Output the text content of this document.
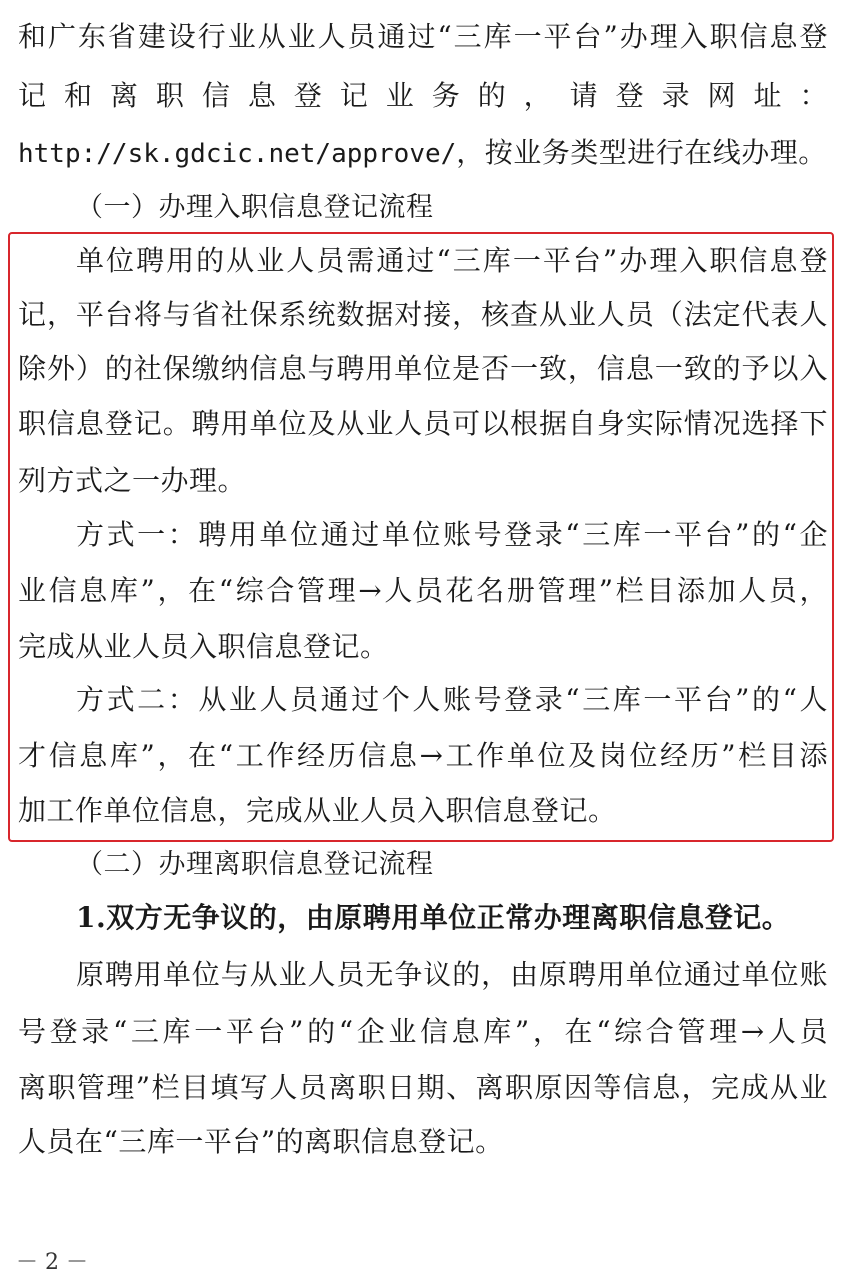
和广东省建设行业从业人员通过“三库一平台”办理入职信息登
记 和 离 职 信 息 登 记 业 务 的 ， 请 登 录 网 址 ：
http://sk.gdcic.net/approve/，按业务类型进行在线办理。
（一）办理入职信息登记流程
单位聘用的从业人员需通过“三库一平台”办理入职信息登
记，平台将与省社保系统数据对接，核查从业人员（法定代表人
除外）的社保缴纳信息与聘用单位是否一致，信息一致的予以入
职信息登记。聘用单位及从业人员可以根据自身实际情况选择下
列方式之一办理。
方式一：聘用单位通过单位账号登录“三库一平台”的“企
业信息库”，在“综合管理→人员花名册管理”栏目添加人员，
完成从业人员入职信息登记。
方式二：从业人员通过个人账号登录“三库一平台”的“人
才信息库”，在“工作经历信息→工作单位及岗位经历”栏目添
加工作单位信息，完成从业人员入职信息登记。
（二）办理离职信息登记流程
1.双方无争议的，由原聘用单位正常办理离职信息登记。
原聘用单位与从业人员无争议的，由原聘用单位通过单位账
号登录“三库一平台”的“企业信息库”，在“综合管理→人员
离职管理”栏目填写人员离职日期、离职原因等信息，完成从业
人员在“三库一平台”的离职信息登记。
－ 2 －
